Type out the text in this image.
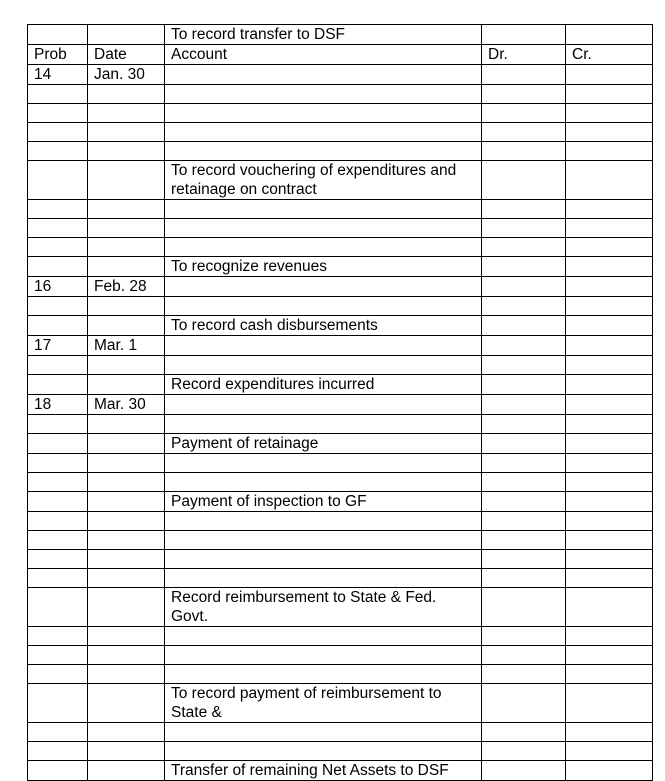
		To record transfer to DSF		
Prob	Date	Account	Dr.	Cr.
14	Jan. 30			

		To record vouchering of expenditures and retainage on contract		

		To recognize revenues		
16	Feb. 28			

		To record cash disbursements		
17	Mar. 1			

		Record expenditures incurred		
18	Mar. 30			

		Payment of retainage		

		Payment of inspection to GF		

		Record reimbursement to State & Fed. Govt.		

		To record payment of reimbursement to State &		

		Transfer of remaining Net Assets to DSF		
